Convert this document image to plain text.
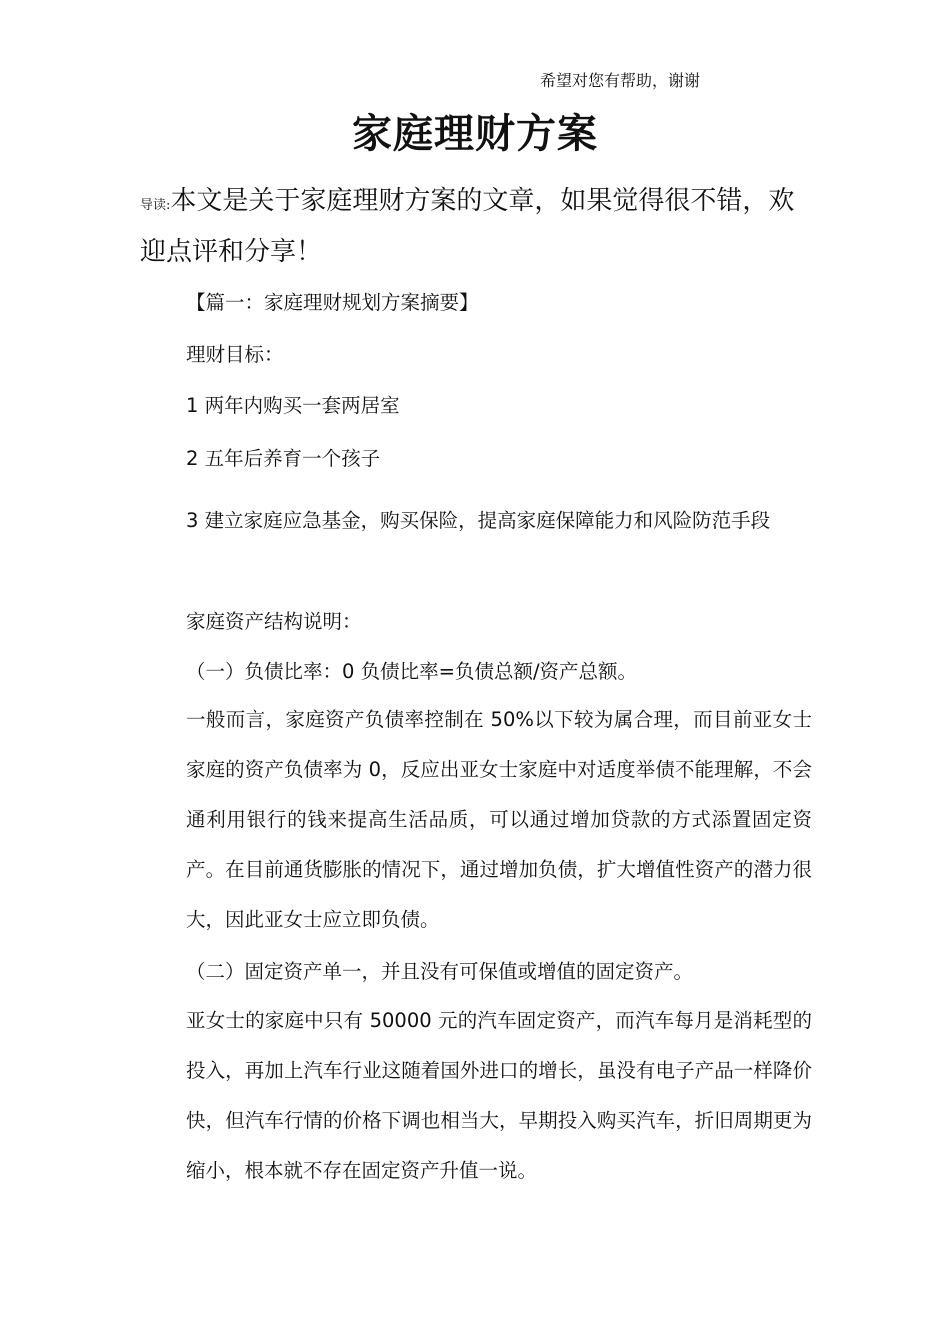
希望对您有帮助，谢谢
家庭理财方案
导读:本文是关于家庭理财方案的文章，如果觉得很不错，欢迎点评和分享！
【篇一：家庭理财规划方案摘要】
理财目标：
1 两年内购买一套两居室
2 五年后养育一个孩子
3 建立家庭应急基金，购买保险，提高家庭保障能力和风险防范手段
家庭资产结构说明：
（一）负债比率：0 负债比率=负债总额/资产总额。
一般而言，家庭资产负债率控制在 50%以下较为属合理，而目前亚女士家庭的资产负债率为 0，反应出亚女士家庭中对适度举债不能理解，不会通利用银行的钱来提高生活品质，可以通过增加贷款的方式添置固定资产。在目前通货膨胀的情况下，通过增加负债，扩大增值性资产的潜力很大，因此亚女士应立即负债。
（二）固定资产单一，并且没有可保值或增值的固定资产。
亚女士的家庭中只有 50000 元的汽车固定资产，而汽车每月是消耗型的投入，再加上汽车行业这随着国外进口的增长，虽没有电子产品一样降价快，但汽车行情的价格下调也相当大，早期投入购买汽车，折旧周期更为缩小，根本就不存在固定资产升值一说。
